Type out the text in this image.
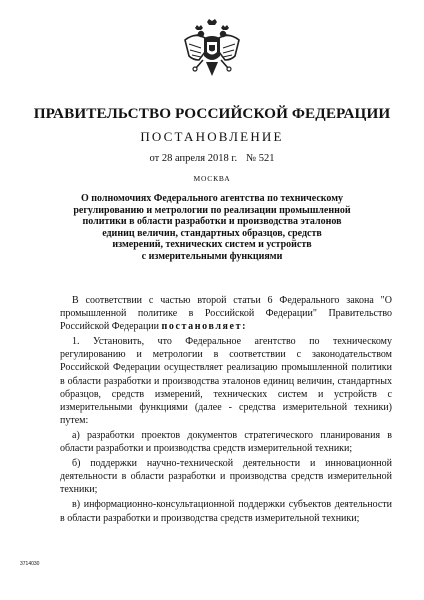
ПРАВИТЕЛЬСТВО РОССИЙСКОЙ ФЕДЕРАЦИИ
ПОСТАНОВЛЕНИЕ
от 28 апреля 2018 г. № 521
МОСКВА
О полномочиях Федерального агентства по техническому
регулированию и метрологии по реализации промышленной
политики в области разработки и производства эталонов
единиц величин, стандартных образцов, средств
измерений, технических систем и устройств
с измерительными функциями

В соответствии с частью второй статьи 6 Федерального закона "О промышленной политике в Российской Федерации" Правительство Российской Федерации постановляет:

1. Установить, что Федеральное агентство по техническому регулированию и метрологии в соответствии с законодательством Российской Федерации осуществляет реализацию промышленной политики в области разработки и производства эталонов единиц величин, стандартных образцов, средств измерений, технических систем и устройств с измерительными функциями (далее - средства измерительной техники) путем:

а) разработки проектов документов стратегического планирования в области разработки и производства средств измерительной техники;

б) поддержки научно-технической деятельности и инновационной деятельности в области разработки и производства средств измерительной техники;

в) информационно-консультационной поддержки субъектов деятельности в области разработки и производства средств измерительной техники;

3714030
